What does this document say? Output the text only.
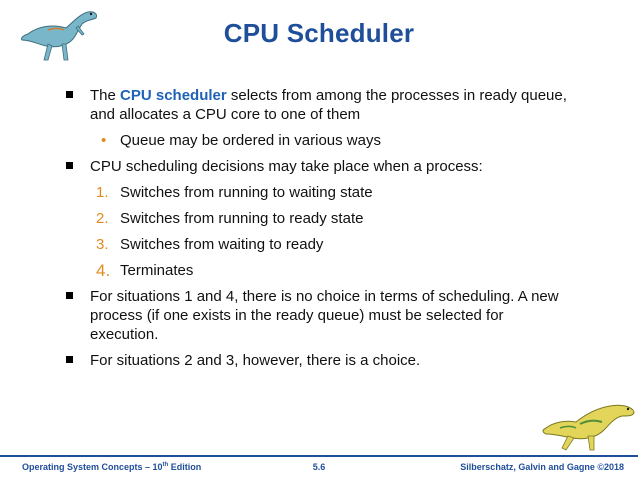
CPU Scheduler
The CPU scheduler selects from among the processes in ready queue, and allocates a CPU core to one of them
• Queue may be ordered in various ways
CPU scheduling decisions may take place when a process:
1. Switches from running to waiting state
2. Switches from running to ready state
3. Switches from waiting to ready
4. Terminates
For situations 1 and 4, there is no choice in terms of scheduling. A new process (if one exists in the ready queue) must be selected for execution.
For situations 2 and 3, however, there is a choice.
Operating System Concepts – 10th Edition	5.6	Silberschatz, Galvin and Gagne ©2018
